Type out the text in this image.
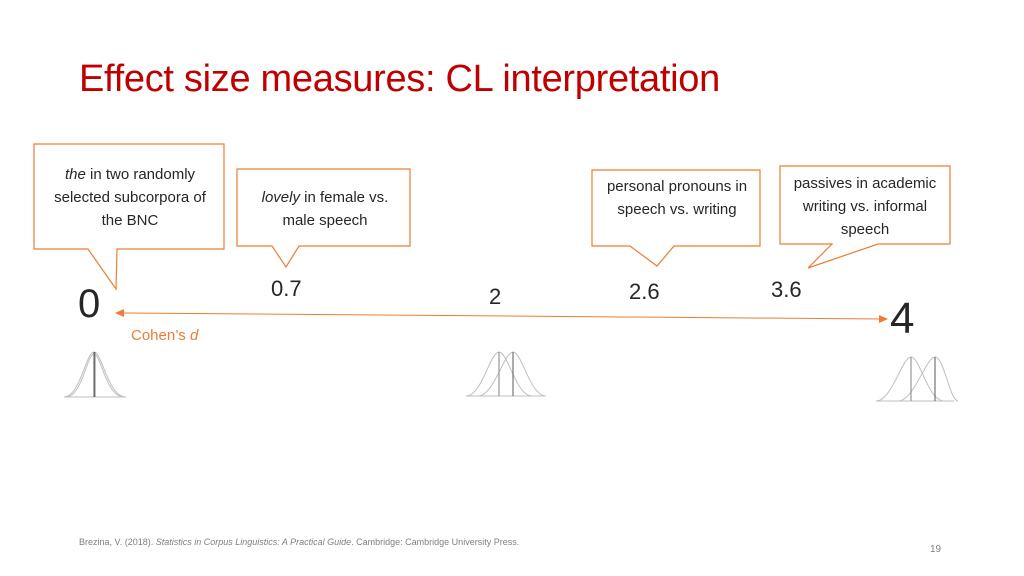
Effect size measures: CL interpretation
the in two randomly selected subcorpora of the BNC
lovely in female vs. male speech
personal pronouns in speech vs. writing
passives in academic writing vs. informal speech
0	0.7	2	2.6	3.6
4
Cohen’s d
Brezina, V. (2018). Statistics in Corpus Linguistics: A Practical Guide. Cambridge: Cambridge University Press.
19
